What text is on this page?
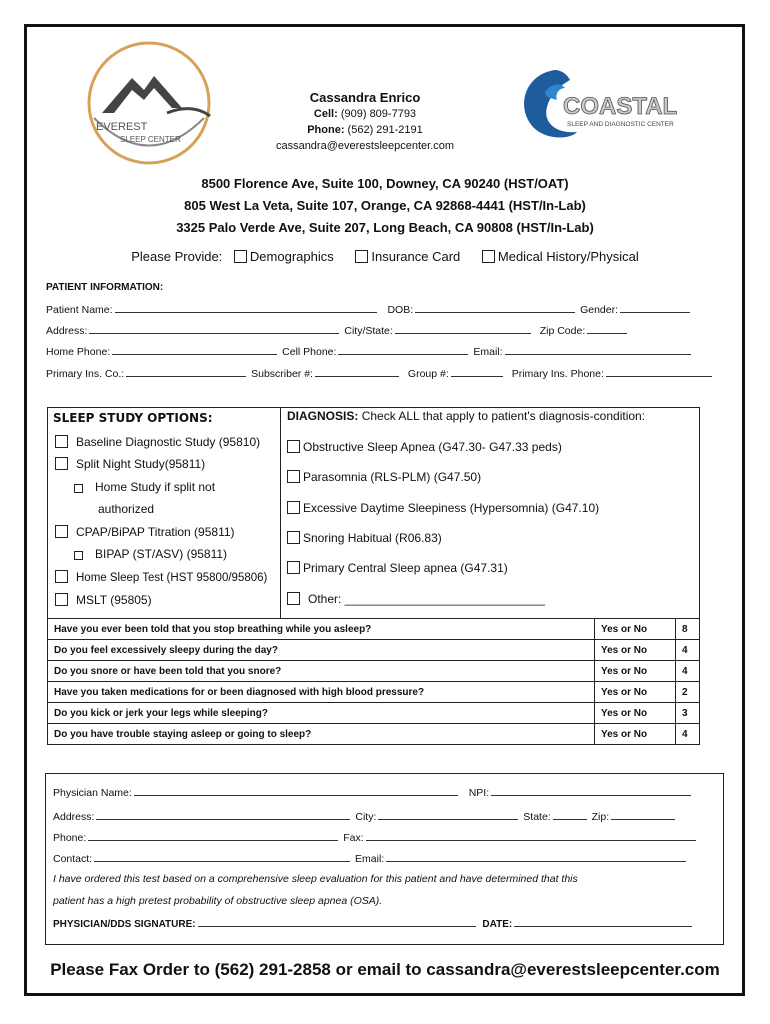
EVEREST
SLEEP CENTER
COASTAL
SLEEP AND DIAGNOSTIC CENTER
Cassandra Enrico
Cell: (909) 809-7793
Phone: (562) 291-2191
cassandra@everestsleepcenter.com
8500 Florence Ave, Suite 100, Downey, CA 90240 (HST/OAT)
805 West La Veta, Suite 107, Orange, CA 92868-4441 (HST/In-Lab)
3325 Palo Verde Ave, Suite 207, Long Beach, CA 90808 (HST/In-Lab)
Please Provide: Demographics	Insurance Card	Medical History/Physical
PATIENT INFORMATION:
Patient Name:	DOB:	Gender:
Address:	City/State:	Zip Code:
Home Phone:	Cell Phone:	Email:
Primary Ins. Co.:	Subscriber #:	Group #:	Primary Ins. Phone:
SLEEP STUDY OPTIONS:
Baseline Diagnostic Study (95810)
Split Night Study(95811)
Home Study if split not
authorized
CPAP/BiPAP Titration (95811)
BIPAP (ST/ASV) (95811)
Home Sleep Test (HST 95800/95806)
MSLT (95805)
DIAGNOSIS: Check ALL that apply to patient's diagnosis-condition:
Obstructive Sleep Apnea (G47.30- G47.33 peds)
Parasomnia (RLS-PLM) (G47.50)
Excessive Daytime Sleepiness (Hypersomnia) (G47.10)
Snoring Habitual (R06.83)
Primary Central Sleep apnea (G47.31)
Other: ______________________________
Have you ever been told that you stop breathing while you asleep?	Yes or No	8
Do you feel excessively sleepy during the day?	Yes or No	4
Do you snore or have been told that you snore?	Yes or No	4
Have you taken medications for or been diagnosed with high blood pressure?	Yes or No	2
Do you kick or jerk your legs while sleeping?	Yes or No	3
Do you have trouble staying asleep or going to sleep?	Yes or No	4
Physician Name:	NPI:
Address:	City:	State:	Zip:
Phone:	Fax:
Contact:	Email:
I have ordered this test based on a comprehensive sleep evaluation for this patient and have determined that this
patient has a high pretest probability of obstructive sleep apnea (OSA).
PHYSICIAN/DDS SIGNATURE:	DATE:
Please Fax Order to (562) 291-2858 or email to cassandra@everestsleepcenter.com
